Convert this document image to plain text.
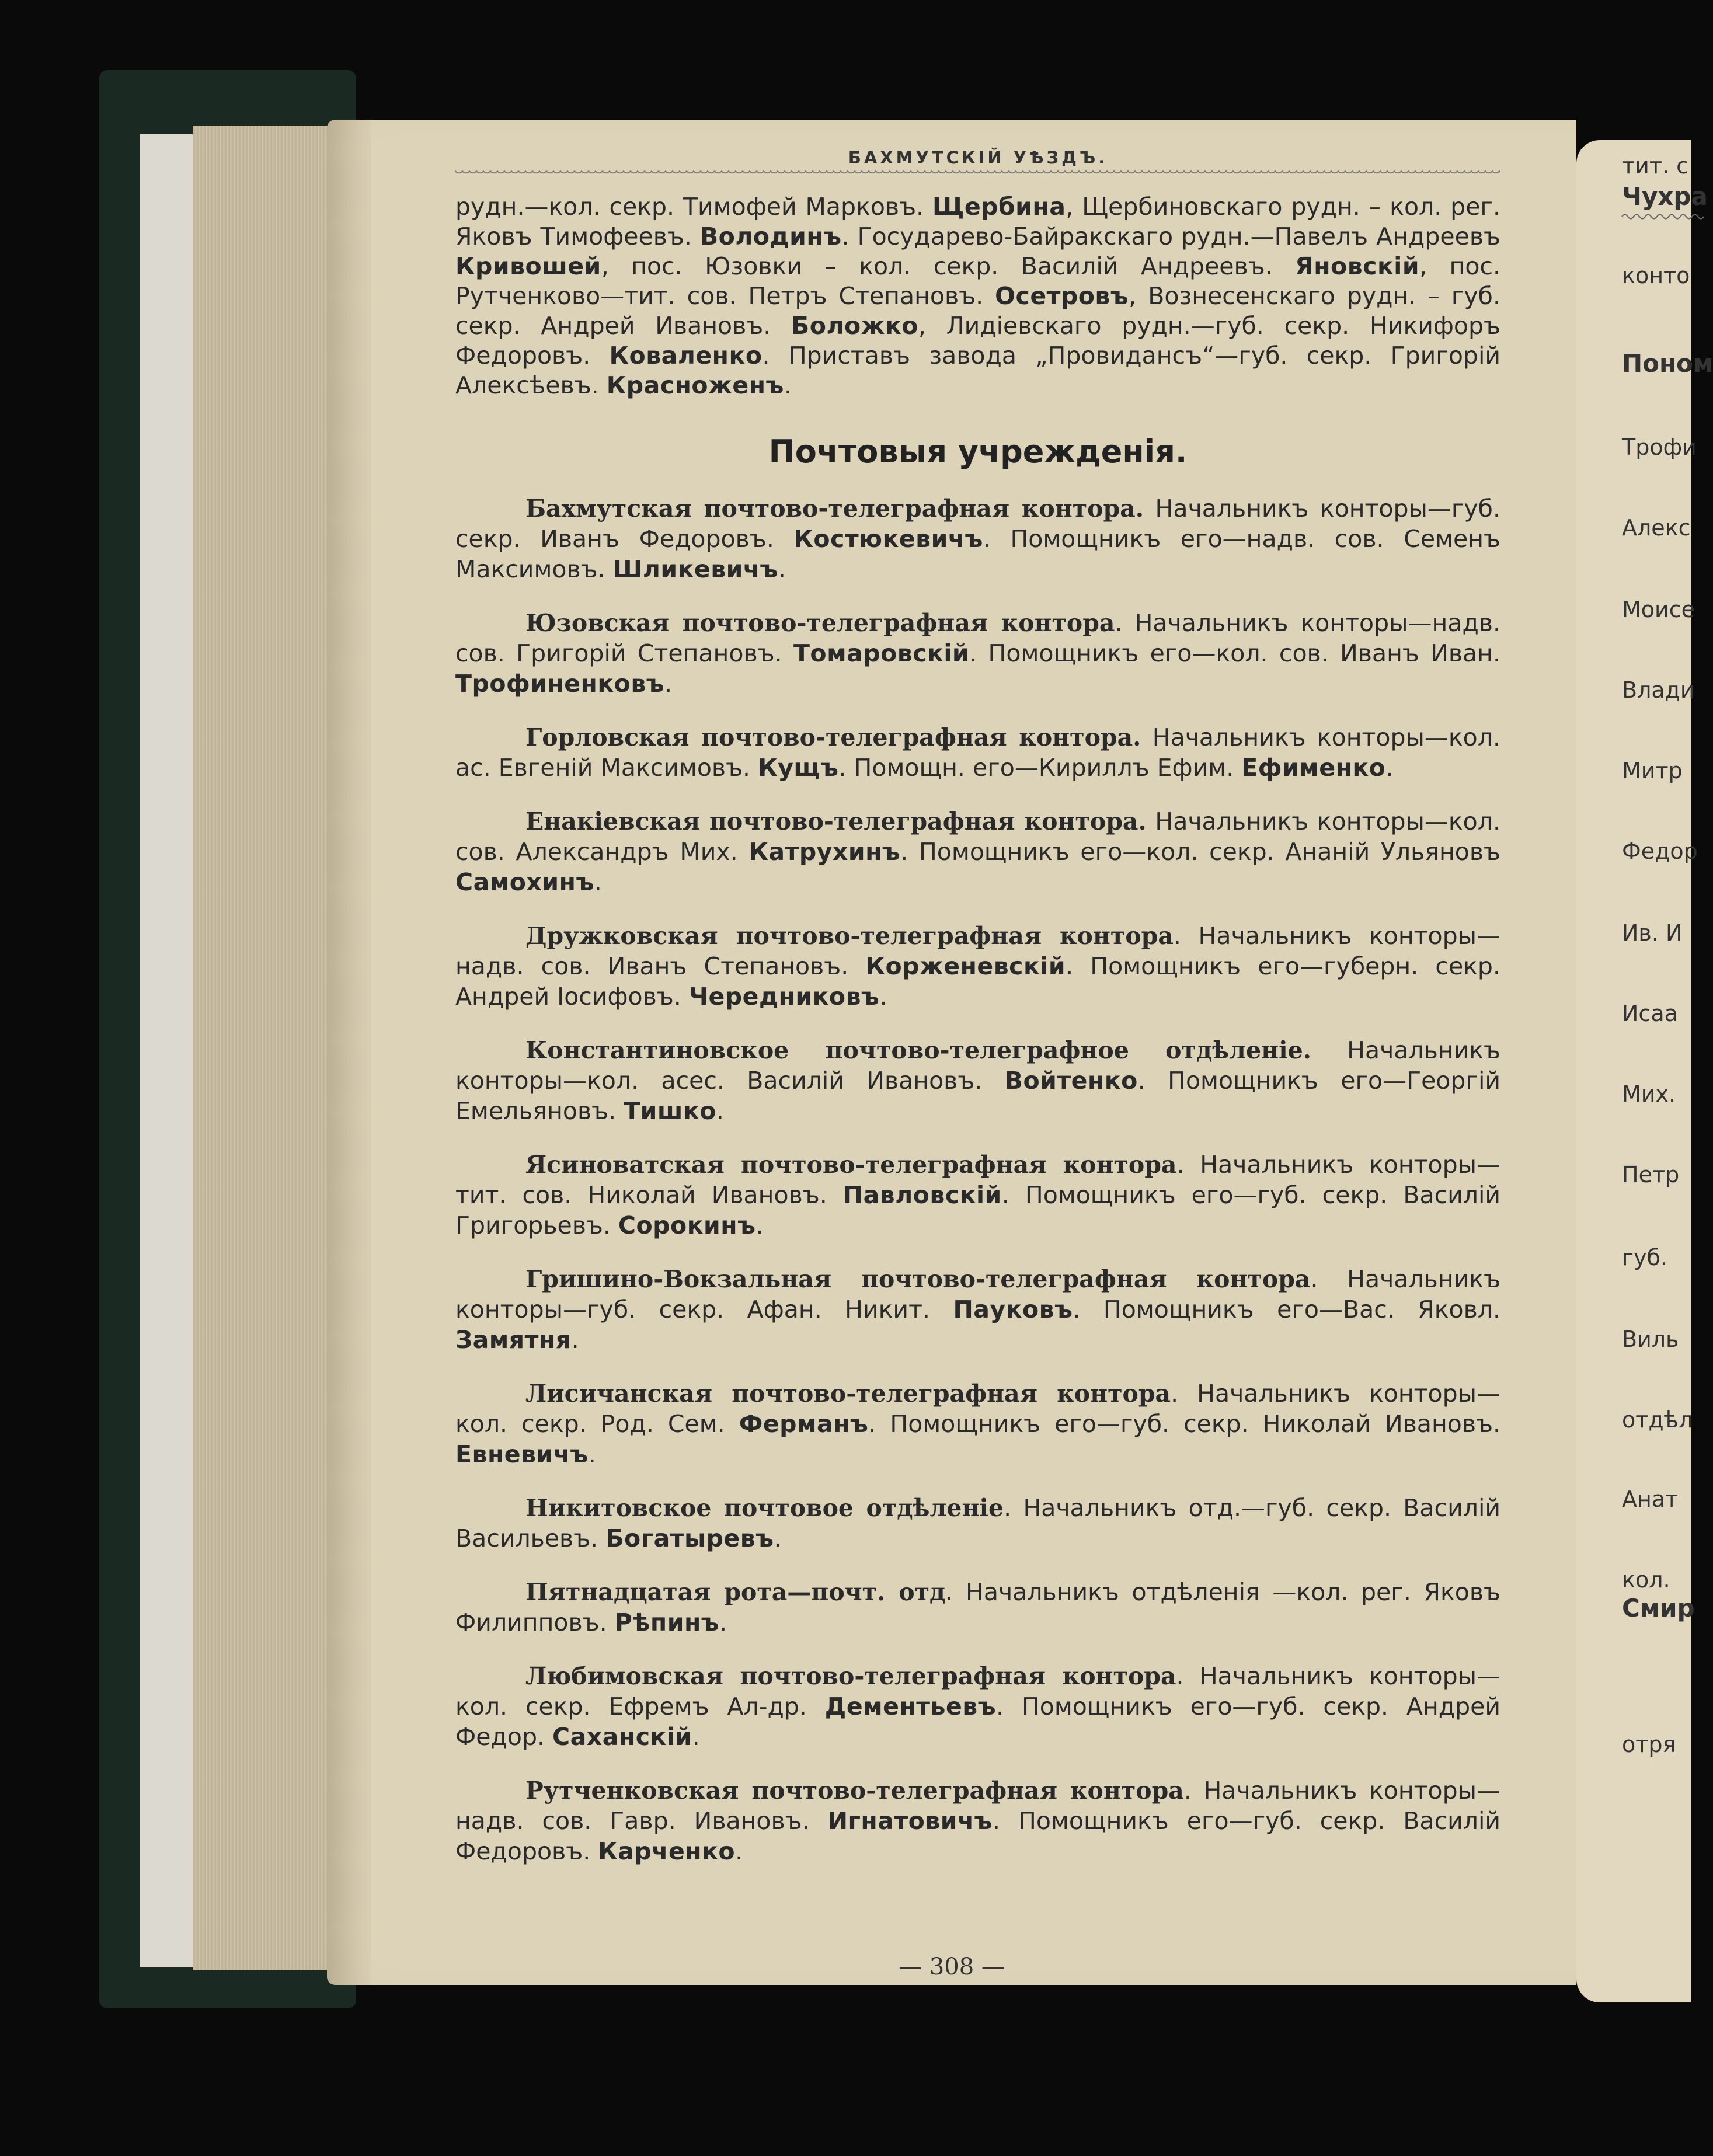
БАХМУТСКІЙ УѢЗДЪ.

рудн.—кол. секр. Тимофей Марковъ. Щербина, Щербиновскаго рудн. – кол. рег. Яковъ Тимофеевъ. Володинъ. Государево-Байракскаго рудн.—Павелъ Андреевъ Кривошей, пос. Юзовки – кол. секр. Василій Андреевъ. Яновскій, пос. Рутченково—тит. сов. Петръ Степановъ. Осетровъ, Вознесенскаго рудн. – губ. секр. Андрей Ивановъ. Боложко, Лидіевскаго рудн.—губ. секр. Никифоръ Федоровъ. Коваленко. Приставъ завода „Провидансъ“—губ. секр. Григорій Алексѣевъ. Красноженъ.

Почтовыя учрежденія.

Бахмутская почтово-телеграфная контора. Начальникъ конторы—губ. секр. Иванъ Федоровъ. Костюкевичъ. Помощникъ его—надв. сов. Семенъ Максимовъ. Шликевичъ.

Юзовская почтово-телеграфная контора. Начальникъ конторы—надв. сов. Григорій Степановъ. Томаровскій. Помощникъ его—кол. сов. Иванъ Иван. Трофиненковъ.

Горловская почтово-телеграфная контора. Начальникъ конторы—кол. ас. Евгеній Максимовъ. Кущъ. Помощн. его—Кириллъ Ефим. Ефименко.

Енакіевская почтово-телеграфная контора. Начальникъ конторы—кол. сов. Александръ Мих. Катрухинъ. Помощникъ его—кол. секр. Ананій Ульяновъ Самохинъ.

Дружковская почтово-телеграфная контора. Начальникъ конторы—надв. сов. Иванъ Степановъ. Корженевскій. Помощникъ его—губерн. секр. Андрей Іосифовъ. Чередниковъ.

Константиновское почтово-телеграфное отдѣленіе. Начальникъ конторы—кол. асес. Василій Ивановъ. Войтенко. Помощникъ его—Георгій Емельяновъ. Тишко.

Ясиноватская почтово-телеграфная контора. Начальникъ конторы—тит. сов. Николай Ивановъ. Павловскій. Помощникъ его—губ. секр. Василій Григорьевъ. Сорокинъ.

Гришино-Вокзальная почтово-телеграфная контора. Начальникъ конторы—губ. секр. Афан. Никит. Пауковъ. Помощникъ его—Вас. Яковл. Замятня.

Лисичанская почтово-телеграфная контора. Начальникъ конторы—кол. секр. Род. Сем. Ферманъ. Помощникъ его—губ. секр. Николай Ивановъ. Евневичъ.

Никитовское почтовое отдѣленіе. Начальникъ отд.—губ. секр. Василій Васильевъ. Богатыревъ.

Пятнадцатая рота—почт. отд. Начальникъ отдѣленія —кол. рег. Яковъ Филипповъ. Рѣпинъ.

Любимовская почтово-телеграфная контора. Начальникъ конторы—кол. секр. Ефремъ Ал-др. Дементьевъ. Помощникъ его—губ. секр. Андрей Федор. Саханскій.

Рутченковская почтово-телеграфная контора. Начальникъ конторы—надв. сов. Гавр. Ивановъ. Игнатовичъ. Помощникъ его—губ. секр. Василій Федоровъ. Карченко.

— 308 —
тит. с
Чухра
конто
Поном
Трофи
Алекс
Моисе
Влади
Митр
Федор
Ив. И
Исаа
Мих.
Петр
губ.
Виль
отдѣл
Анат
кол.
Смир
отря
